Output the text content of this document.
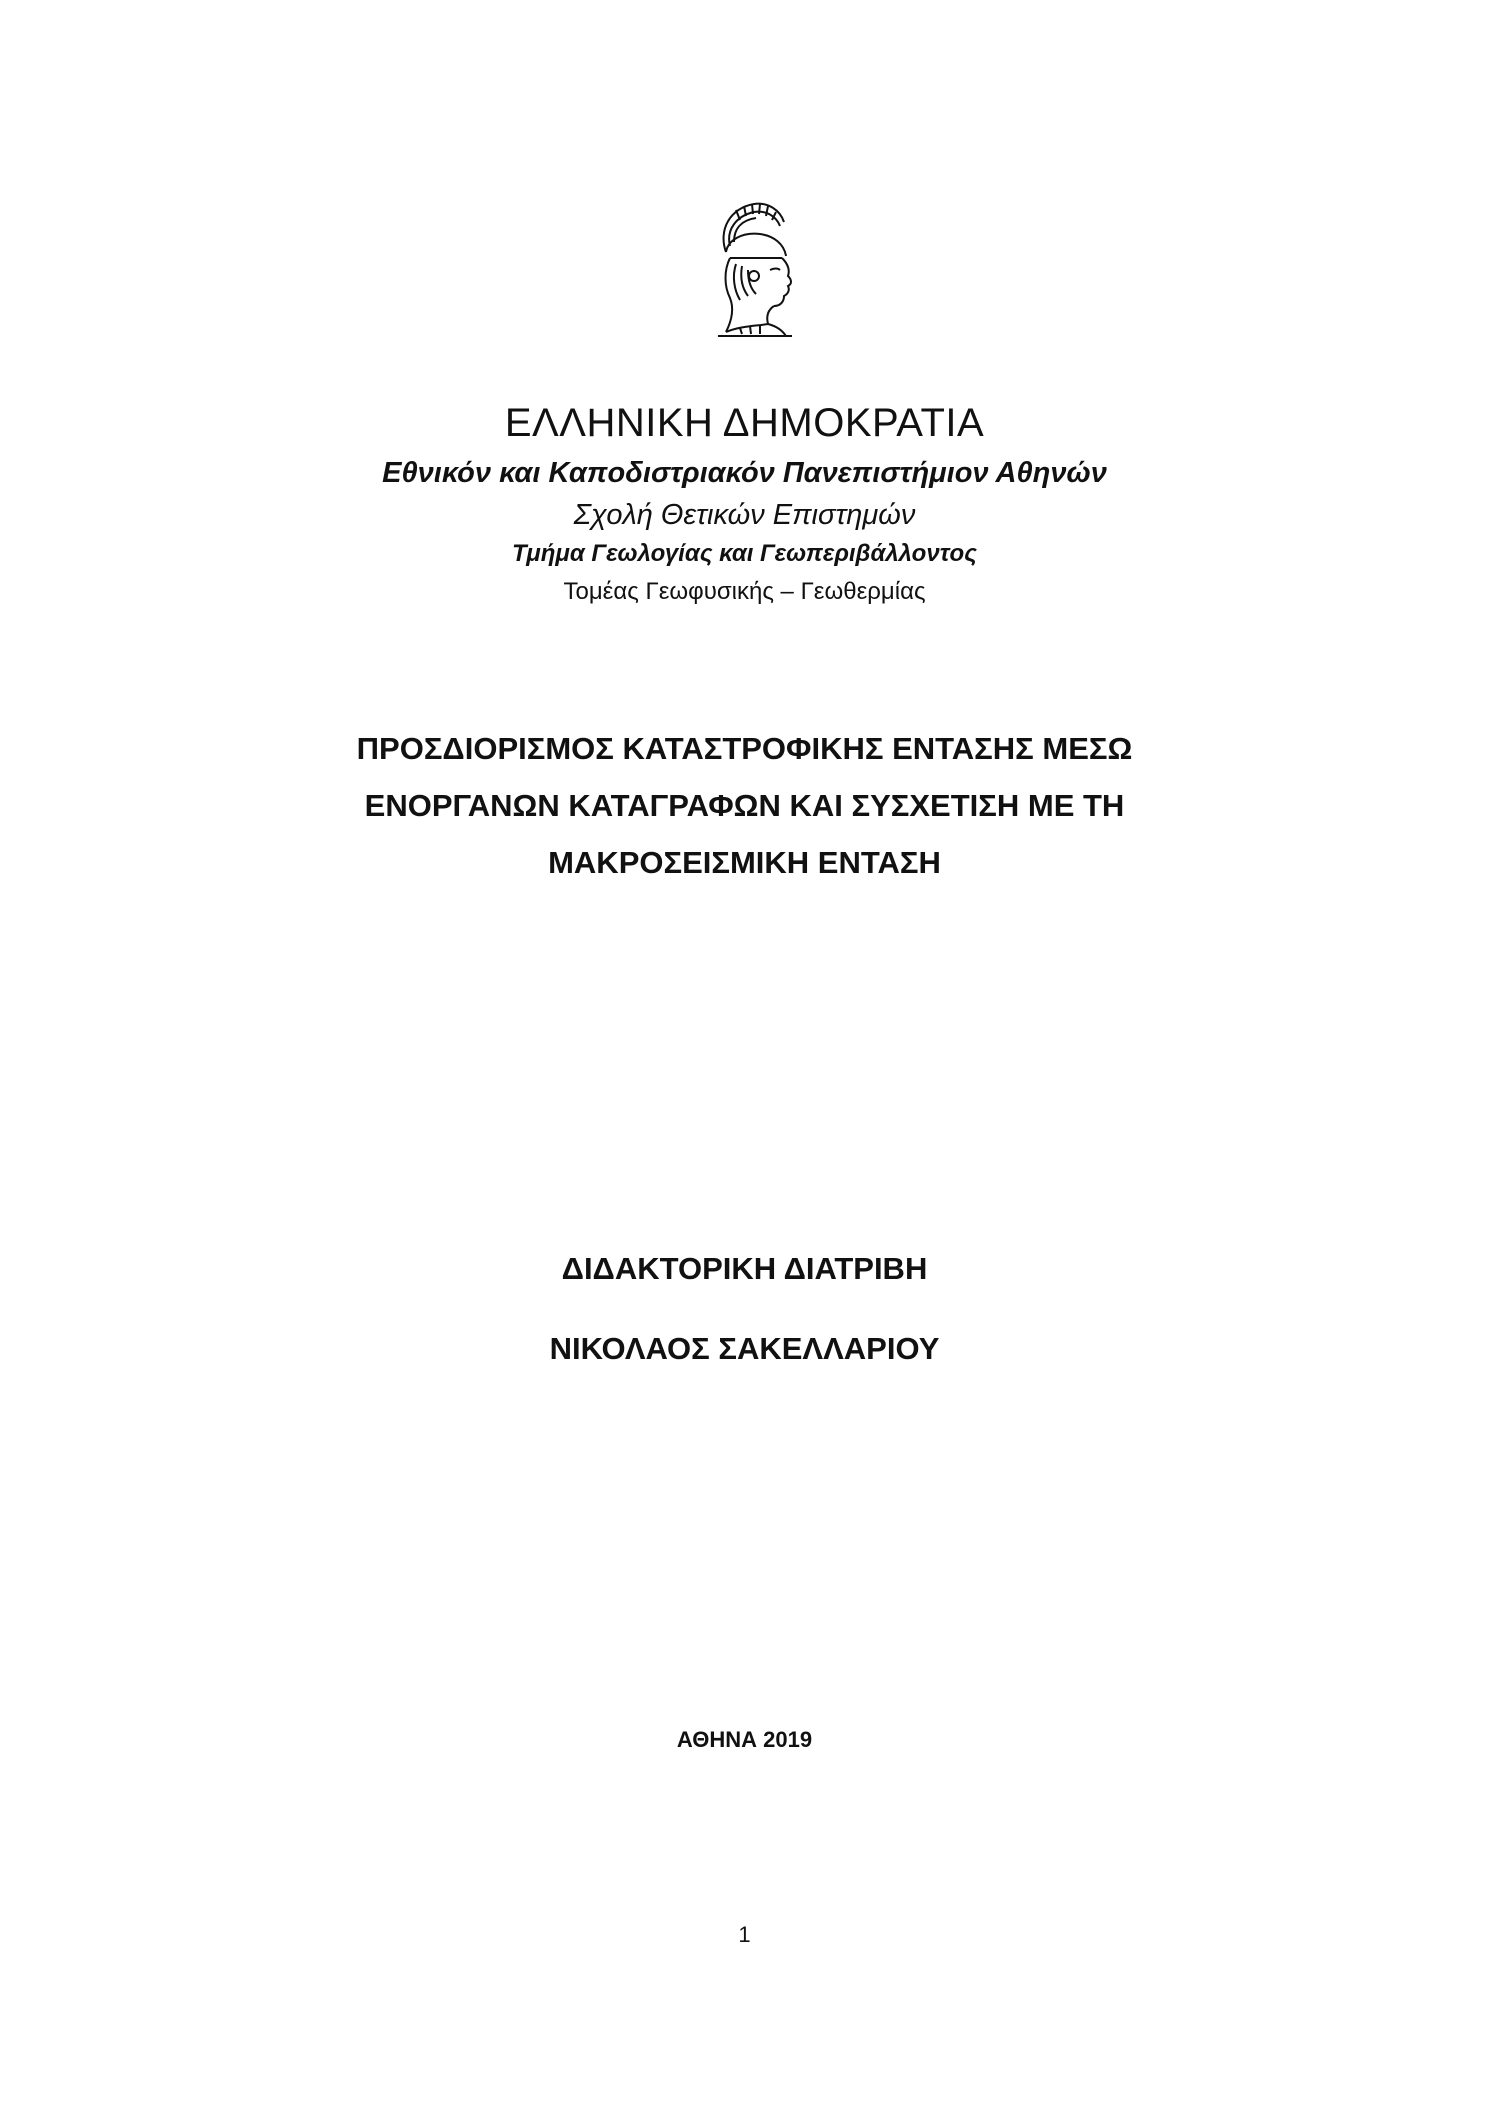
ΕΛΛΗΝΙΚΗ ΔΗΜΟΚΡΑΤΙΑ
Εθνικόν και Καποδιστριακόν Πανεπιστήμιον Αθηνών
Σχολή Θετικών Επιστημών
Τμήμα Γεωλογίας και Γεωπεριβάλλοντος
Τομέας Γεωφυσικής – Γεωθερμίας
ΠΡΟΣΔΙΟΡΙΣΜΟΣ ΚΑΤΑΣΤΡΟΦΙΚΗΣ ΕΝΤΑΣΗΣ ΜΕΣΩ
ΕΝΟΡΓΑΝΩΝ ΚΑΤΑΓΡΑΦΩΝ ΚΑΙ ΣΥΣΧΕΤΙΣΗ ΜΕ ΤΗ
ΜΑΚΡΟΣΕΙΣΜΙΚΗ ΕΝΤΑΣΗ
ΔΙΔΑΚΤΟΡΙΚΗ ΔΙΑΤΡΙΒΗ
ΝΙΚΟΛΑΟΣ ΣΑΚΕΛΛΑΡΙΟΥ
ΑΘΗΝΑ 2019
1
